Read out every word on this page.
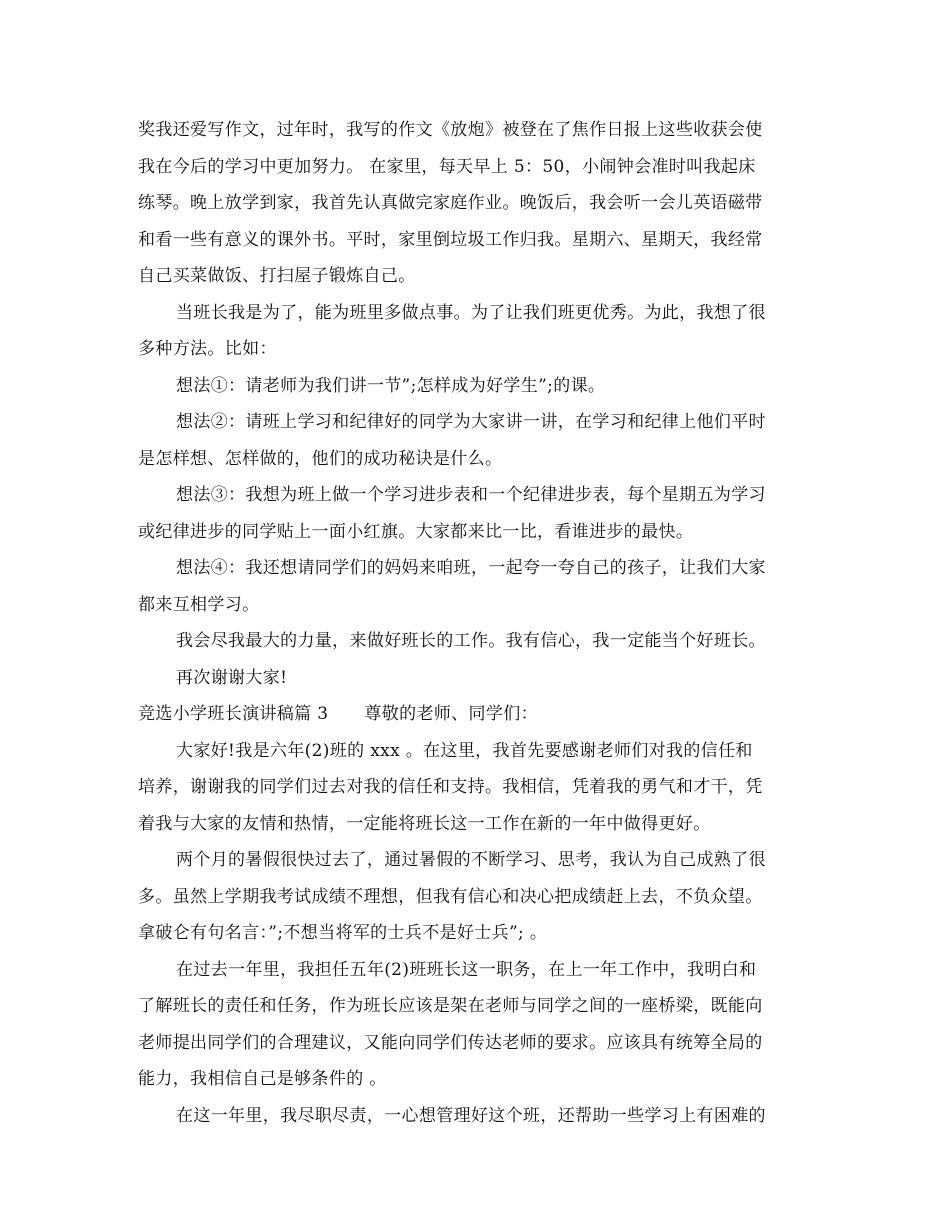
奖我还爱写作文，过年时，我写的作文《放炮》被登在了焦作日报上这些收获会使
我在今后的学习中更加努力。 在家里，每天早上 5：50，小闹钟会准时叫我起床
练琴。晚上放学到家，我首先认真做完家庭作业。晚饭后，我会听一会儿英语磁带
和看一些有意义的课外书。平时，家里倒垃圾工作归我。星期六、星期天，我经常
自己买菜做饭、打扫屋子锻炼自己。
当班长我是为了，能为班里多做点事。为了让我们班更优秀。为此，我想了很
多种方法。比如：
想法①：请老师为我们讲一节”;怎样成为好学生”;的课。
想法②：请班上学习和纪律好的同学为大家讲一讲，在学习和纪律上他们平时
是怎样想、怎样做的，他们的成功秘诀是什么。
想法③：我想为班上做一个学习进步表和一个纪律进步表，每个星期五为学习
或纪律进步的同学贴上一面小红旗。大家都来比一比，看谁进步的最快。
想法④：我还想请同学们的妈妈来咱班，一起夸一夸自己的孩子，让我们大家
都来互相学习。
我会尽我最大的力量，来做好班长的工作。我有信心，我一定能当个好班长。
再次谢谢大家!
竞选小学班长演讲稿篇 3 尊敬的老师、同学们：
大家好!我是六年(2)班的 xxx 。在这里，我首先要感谢老师们对我的信任和
培养，谢谢我的同学们过去对我的信任和支持。我相信，凭着我的勇气和才干，凭
着我与大家的友情和热情，一定能将班长这一工作在新的一年中做得更好。
两个月的暑假很快过去了，通过暑假的不断学习、思考，我认为自己成熟了很
多。虽然上学期我考试成绩不理想，但我有信心和决心把成绩赶上去，不负众望。
拿破仑有句名言：”;不想当将军的士兵不是好士兵”; 。
在过去一年里，我担任五年(2)班班长这一职务，在上一年工作中，我明白和
了解班长的责任和任务，作为班长应该是架在老师与同学之间的一座桥梁，既能向
老师提出同学们的合理建议，又能向同学们传达老师的要求。应该具有统筹全局的
能力，我相信自己是够条件的 。
在这一年里，我尽职尽责，一心想管理好这个班，还帮助一些学习上有困难的
